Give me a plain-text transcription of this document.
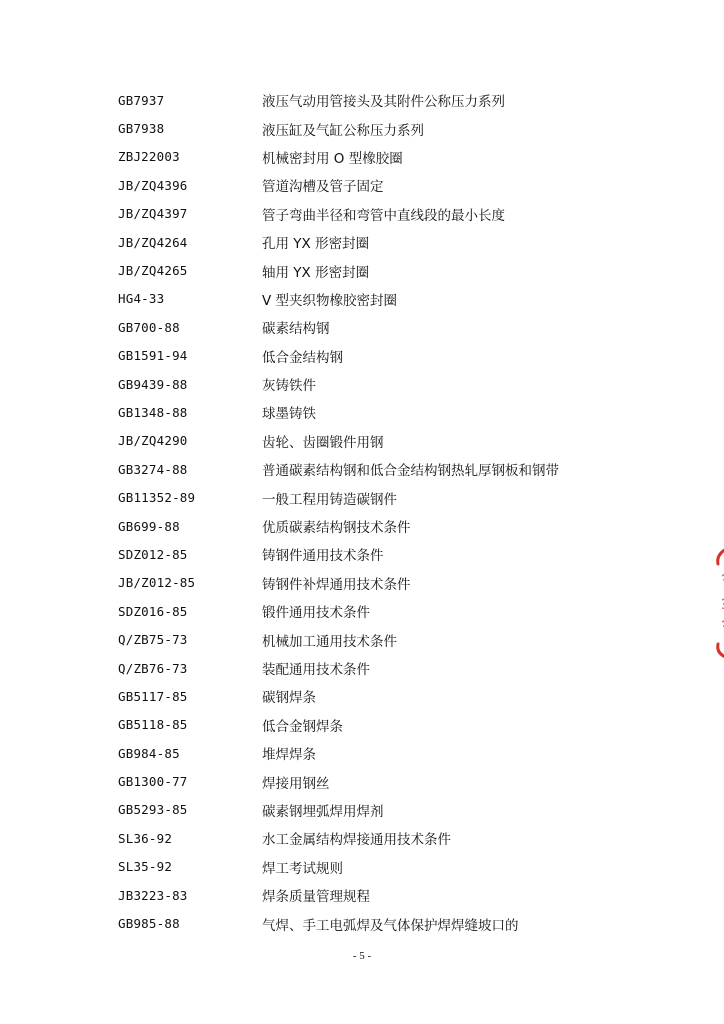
GB7937	液压气动用管接头及其附件公称压力系列
GB7938	液压缸及气缸公称压力系列
ZBJ22003	机械密封用 O 型橡胶圈
JB/ZQ4396	管道沟槽及管子固定
JB/ZQ4397	管子弯曲半径和弯管中直线段的最小长度
JB/ZQ4264	孔用 YX 形密封圈
JB/ZQ4265	轴用 YX 形密封圈
HG4-33	V 型夹织物橡胶密封圈
GB700-88	碳素结构钢
GB1591-94	低合金结构钢
GB9439-88	灰铸铁件
GB1348-88	球墨铸铁
JB/ZQ4290	齿轮、齿圈锻件用钢
GB3274-88	普通碳素结构钢和低合金结构钢热轧厚钢板和钢带
GB11352-89	一般工程用铸造碳钢件
GB699-88	优质碳素结构钢技术条件
SDZ012-85	铸钢件通用技术条件
JB/Z012-85	铸钢件补焊通用技术条件
SDZ016-85	锻件通用技术条件
Q/ZB75-73	机械加工通用技术条件
Q/ZB76-73	装配通用技术条件
GB5117-85	碳钢焊条
GB5118-85	低合金钢焊条
GB984-85	堆焊焊条
GB1300-77	焊接用钢丝
GB5293-85	碳素钢埋弧焊用焊剂
SL36-92	水工金属结构焊接通用技术条件
SL35-92	焊工考试规则
JB3223-83	焊条质量管理规程
GB985-88	气焊、手工电弧焊及气体保护焊焊缝坡口的
- 5 -
